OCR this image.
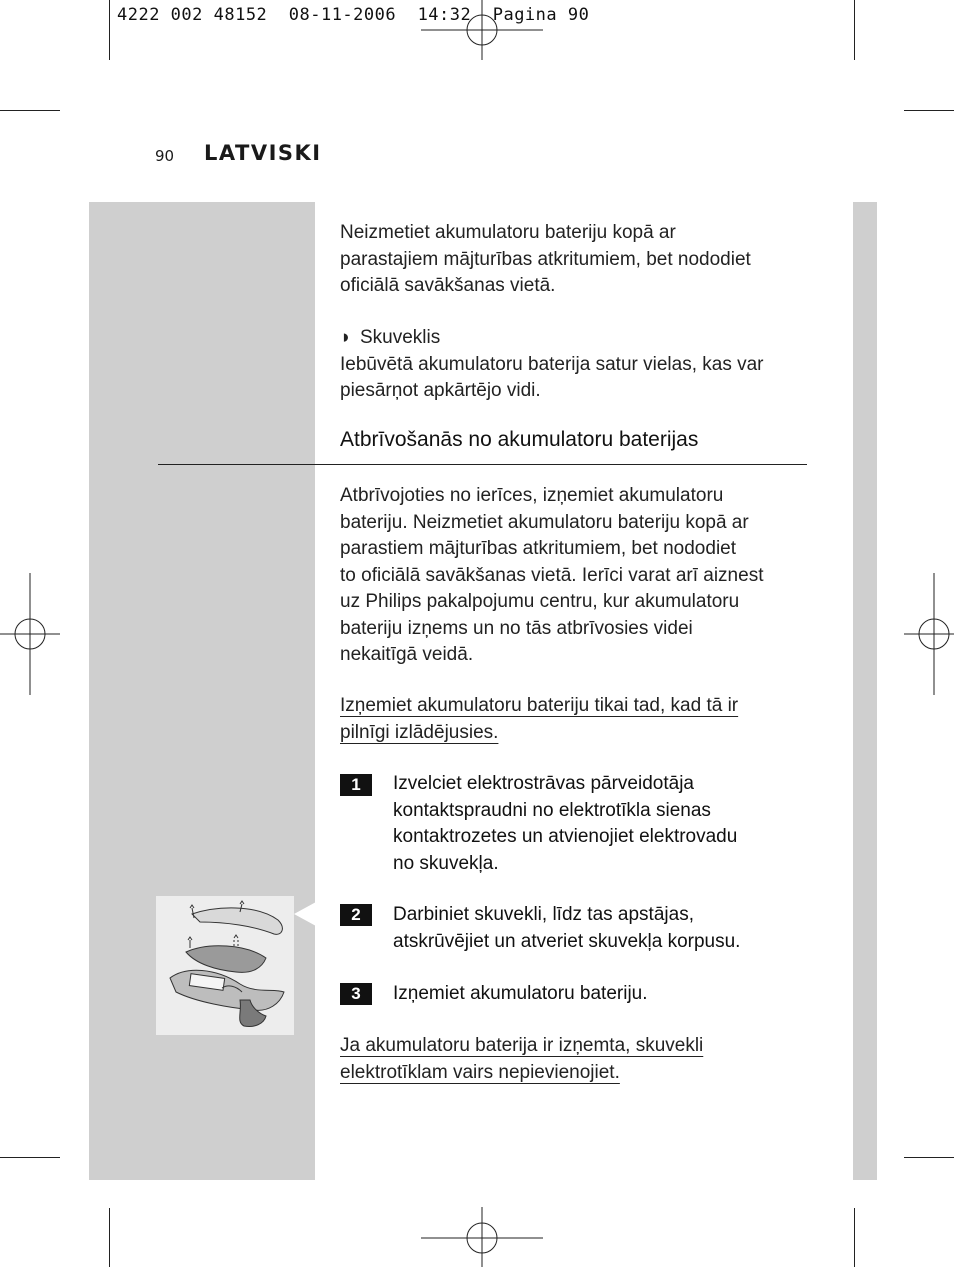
4222 002 48152  08-11-2006  14:32  Pagina 90
90 LATVISKI
Neizmetiet akumulatoru bateriju kopā ar
parastajiem mājturības atkritumiem, bet nododiet
oficiālā savākšanas vietā.
◗ Skuveklis
Iebūvētā akumulatoru baterija satur vielas, kas var
piesārņot apkārtējo vidi.
Atbrīvošanās no akumulatoru baterijas
Atbrīvojoties no ierīces, izņemiet akumulatoru
bateriju. Neizmetiet akumulatoru bateriju kopā ar
parastiem mājturības atkritumiem, bet nododiet
to oficiālā savākšanas vietā. Ierīci varat arī aiznest
uz Philips pakalpojumu centru, kur akumulatoru
bateriju izņems un no tās atbrīvosies videi
nekaitīgā veidā.
Izņemiet akumulatoru bateriju tikai tad, kad tā ir
pilnīgi izlādējusies.
1	Izvelciet elektrostrāvas pārveidotāja
kontaktspraudni no elektrotīkla sienas
kontaktrozetes un atvienojiet elektrovadu
no skuvekļa.
2	Darbiniet skuvekli, līdz tas apstājas,
atskrūvējiet un atveriet skuvekļa korpusu.
3	Izņemiet akumulatoru bateriju.
Ja akumulatoru baterija ir izņemta, skuvekli
elektrotīklam vairs nepievienojiet.
